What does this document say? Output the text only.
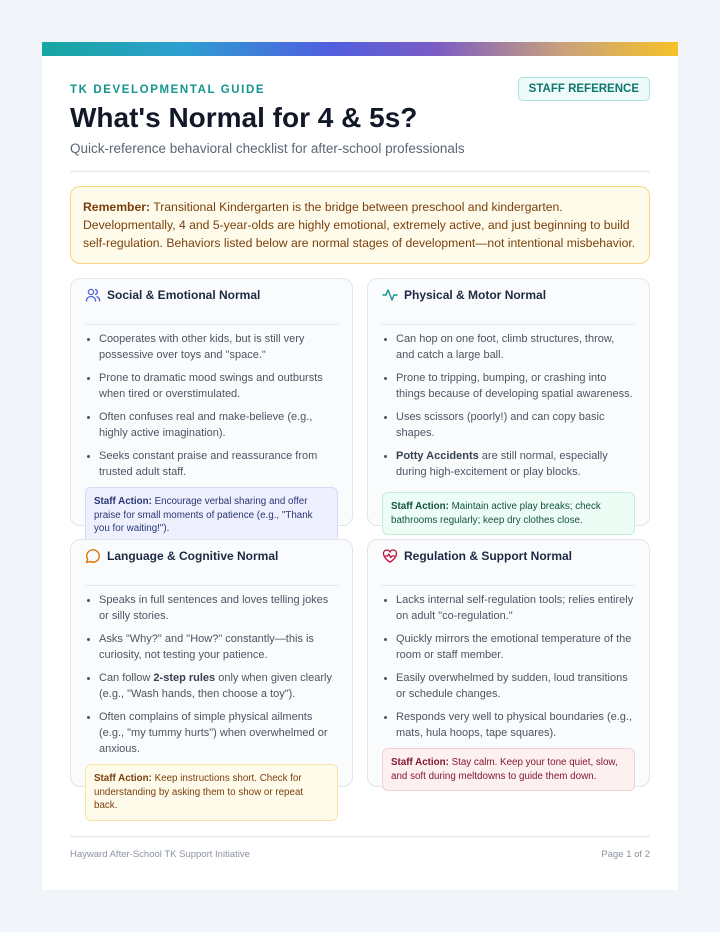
TK DEVELOPMENTAL GUIDE	STAFF REFERENCE
What's Normal for 4 & 5s?
Quick-reference behavioral checklist for after-school professionals
Remember: Transitional Kindergarten is the bridge between preschool and kindergarten. Developmentally, 4 and 5-year-olds are highly emotional, extremely active, and just beginning to build self-regulation. Behaviors listed below are normal stages of development—not intentional misbehavior.
Social & Emotional Normal
Cooperates with other kids, but is still very possessive over toys and "space."
Prone to dramatic mood swings and outbursts when tired or overstimulated.
Often confuses real and make-believe (e.g., highly active imagination).
Seeks constant praise and reassurance from trusted adult staff.
Staff Action: Encourage verbal sharing and offer praise for small moments of patience (e.g., "Thank you for waiting!").
Physical & Motor Normal
Can hop on one foot, climb structures, throw, and catch a large ball.
Prone to tripping, bumping, or crashing into things because of developing spatial awareness.
Uses scissors (poorly!) and can copy basic shapes.
Potty Accidents are still normal, especially during high-excitement or play blocks.
Staff Action: Maintain active play breaks; check bathrooms regularly; keep dry clothes close.
Language & Cognitive Normal
Speaks in full sentences and loves telling jokes or silly stories.
Asks "Why?" and "How?" constantly—this is curiosity, not testing your patience.
Can follow 2-step rules only when given clearly (e.g., "Wash hands, then choose a toy").
Often complains of simple physical ailments (e.g., "my tummy hurts") when overwhelmed or anxious.
Staff Action: Keep instructions short. Check for understanding by asking them to show or repeat back.
Regulation & Support Normal
Lacks internal self-regulation tools; relies entirely on adult "co-regulation."
Quickly mirrors the emotional temperature of the room or staff member.
Easily overwhelmed by sudden, loud transitions or schedule changes.
Responds very well to physical boundaries (e.g., mats, hula hoops, tape squares).
Staff Action: Stay calm. Keep your tone quiet, slow, and soft during meltdowns to guide them down.
Hayward After-School TK Support Initiative	Page 1 of 2
